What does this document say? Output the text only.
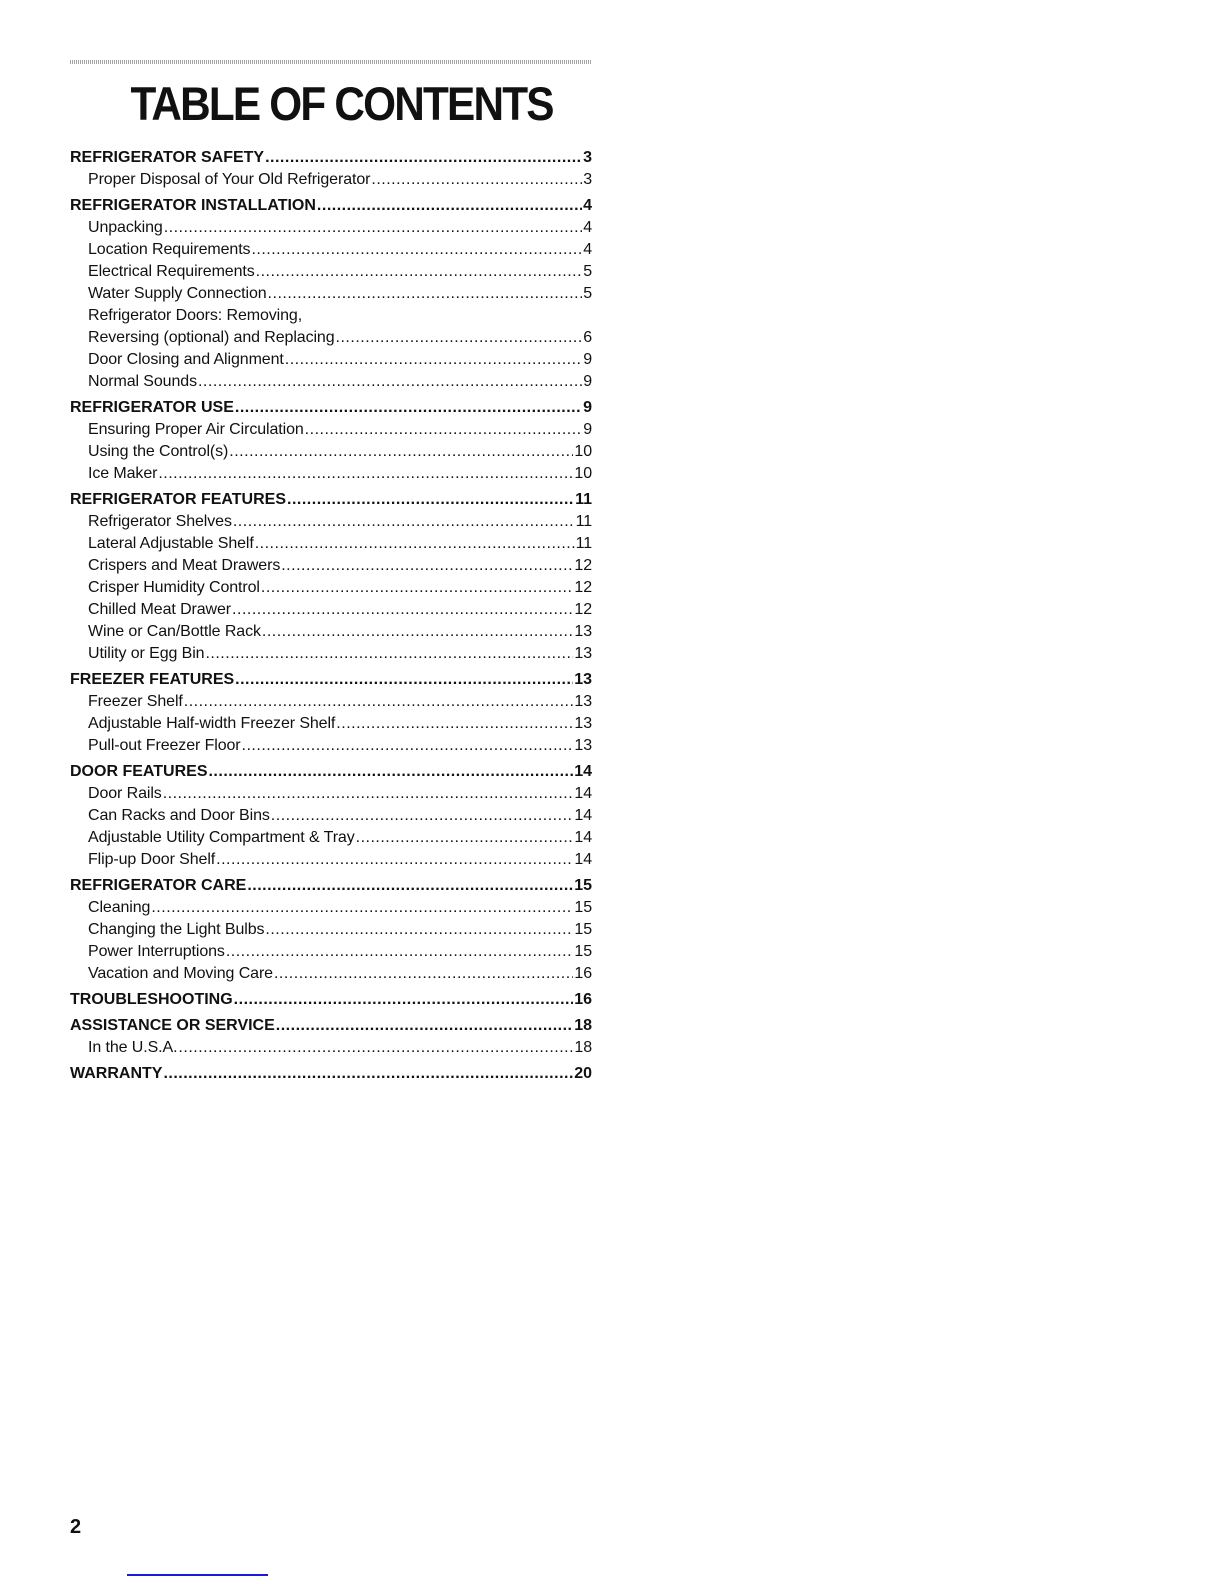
TABLE OF CONTENTS
REFRIGERATOR SAFETY .....	3
Proper Disposal of Your Old Refrigerator .....	3
REFRIGERATOR INSTALLATION .....	4
Unpacking .....	4
Location Requirements .....	4
Electrical Requirements .....	5
Water Supply Connection .....	5
Refrigerator Doors: Removing,
Reversing (optional) and Replacing .....	6
Door Closing and Alignment .....	9
Normal Sounds .....	9
REFRIGERATOR USE .....	9
Ensuring Proper Air Circulation .....	9
Using the Control(s) .....	10
Ice Maker .....	10
REFRIGERATOR FEATURES .....	11
Refrigerator Shelves .....	11
Lateral Adjustable Shelf .....	11
Crispers and Meat Drawers .....	12
Crisper Humidity Control .....	12
Chilled Meat Drawer .....	12
Wine or Can/Bottle Rack .....	13
Utility or Egg Bin .....	13
FREEZER FEATURES .....	13
Freezer Shelf .....	13
Adjustable Half-width Freezer Shelf .....	13
Pull-out Freezer Floor .....	13
DOOR FEATURES .....	14
Door Rails .....	14
Can Racks and Door Bins .....	14
Adjustable Utility Compartment & Tray .....	14
Flip-up Door Shelf .....	14
REFRIGERATOR CARE .....	15
Cleaning .....	15
Changing the Light Bulbs .....	15
Power Interruptions .....	15
Vacation and Moving Care .....	16
TROUBLESHOOTING .....	16
ASSISTANCE OR SERVICE .....	18
In the U.S.A. .....	18
WARRANTY .....	20
2
